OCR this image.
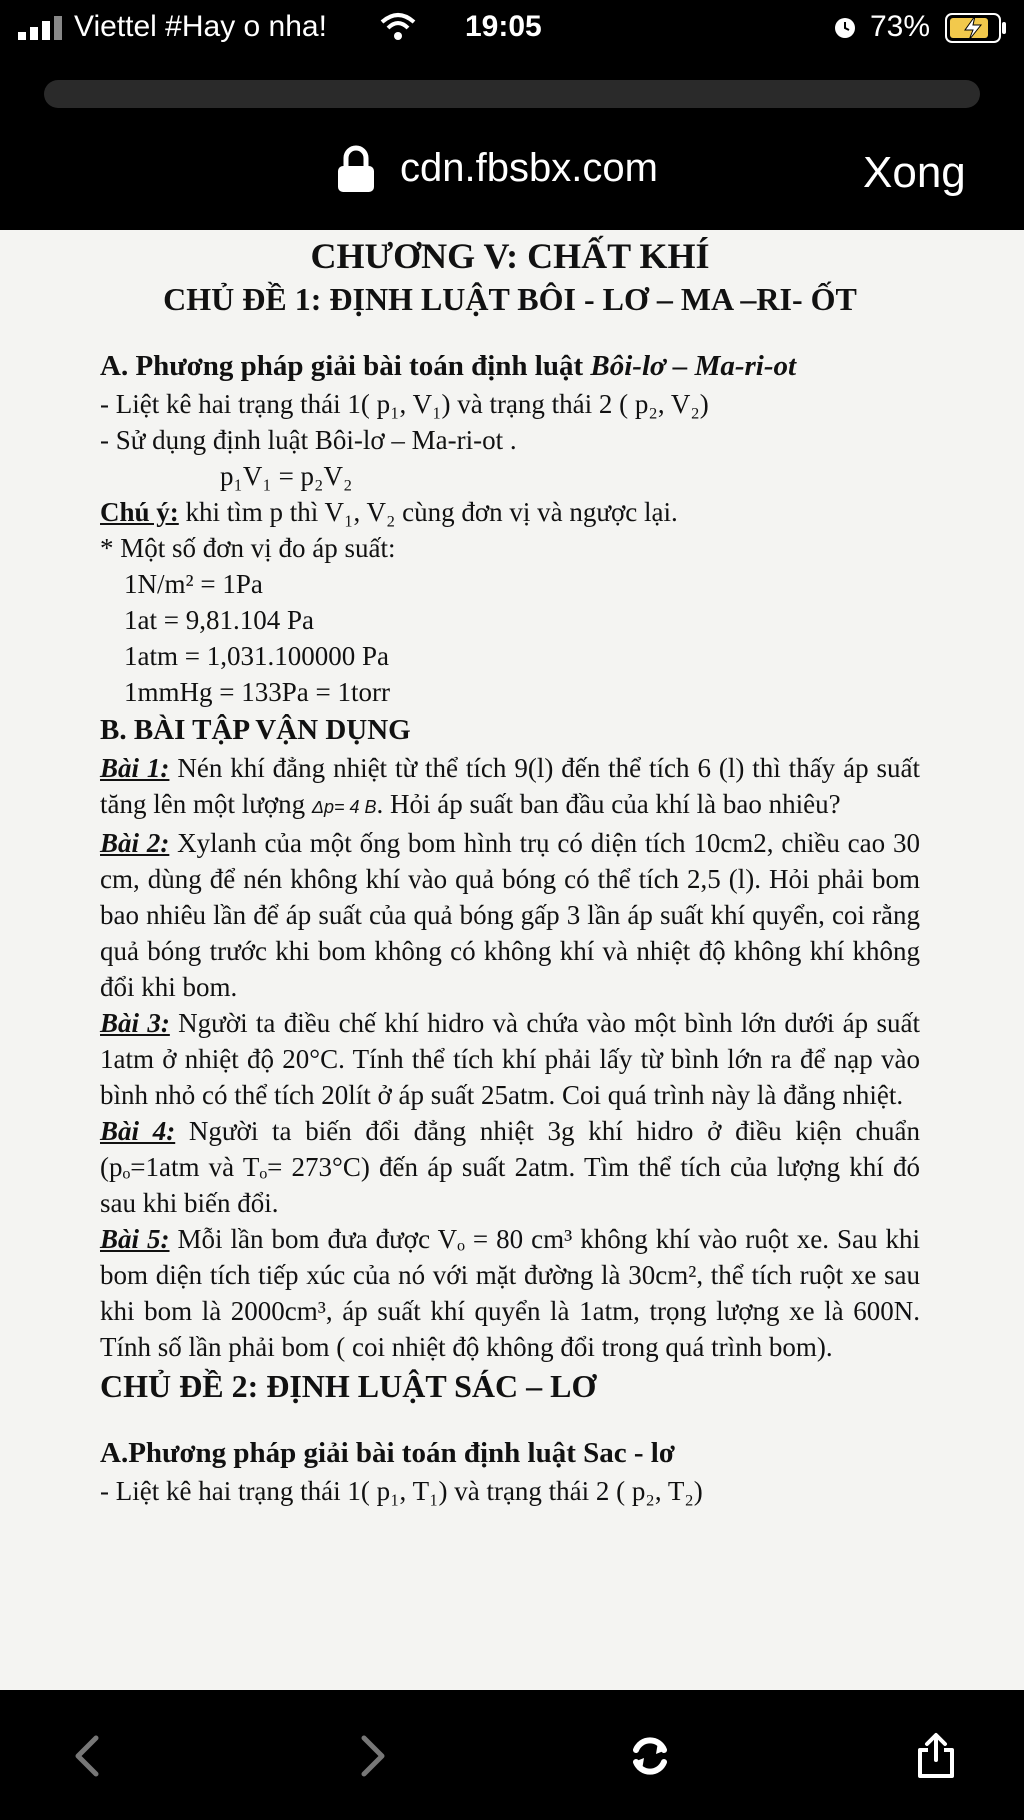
Viettel #Hay o nha!	19:05	73%
cdn.fbsbx.com	Xong
CHƯƠNG V: CHẤT KHÍ
CHỦ ĐỀ 1: ĐỊNH LUẬT BÔI - LƠ – MA –RI- ỐT
A. Phương pháp giải bài toán định luật Bôi-lơ – Ma-ri-ot
- Liệt kê hai trạng thái 1( p₁, V₁) và trạng thái 2 ( p₂, V₂)
- Sử dụng định luật Bôi-lơ – Ma-ri-ot .
p₁V₁ = p₂V₂
Chú ý: khi tìm p thì V₁, V₂ cùng đơn vị và ngược lại.
* Một số đơn vị đo áp suất:
1N/m² = 1Pa
1at = 9,81.104 Pa
1atm = 1,031.100000 Pa
1mmHg = 133Pa = 1torr
B. BÀI TẬP VẬN DỤNG

Bài 1: Nén khí đẳng nhiệt từ thể tích 9(l) đến thể tích 6 (l) thì thấy áp suất tăng lên một lượng Δp= 4 B. Hỏi áp suất ban đầu của khí là bao nhiêu?

Bài 2: Xylanh của một ống bom hình trụ có diện tích 10cm2, chiều cao 30 cm, dùng để nén không khí vào quả bóng có thể tích 2,5 (l). Hỏi phải bom bao nhiêu lần để áp suất của quả bóng gấp 3 lần áp suất khí quyển, coi rằng quả bóng trước khi bom không có không khí và nhiệt độ không khí không đổi khi bom.

Bài 3: Người ta điều chế khí hidro và chứa vào một bình lớn dưới áp suất 1atm ở nhiệt độ 20°C. Tính thể tích khí phải lấy từ bình lớn ra để nạp vào bình nhỏ có thể tích 20lít ở áp suất 25atm. Coi quá trình này là đẳng nhiệt.

Bài 4: Người ta biến đổi đẳng nhiệt 3g khí hidro ở điều kiện chuẩn (pₒ=1atm và Tₒ= 273°C) đến áp suất 2atm. Tìm thể tích của lượng khí đó sau khi biến đổi.

Bài 5: Mỗi lần bom đưa được Vₒ = 80 cm³ không khí vào ruột xe. Sau khi bom diện tích tiếp xúc của nó với mặt đường là 30cm², thể tích ruột xe sau khi bom là 2000cm³, áp suất khí quyển là 1atm, trọng lượng xe là 600N. Tính số lần phải bom ( coi nhiệt độ không đổi trong quá trình bom).

CHỦ ĐỀ 2: ĐỊNH LUẬT SÁC – LƠ
A.Phương pháp giải bài toán định luật Sac - lơ
- Liệt kê hai trạng thái 1( p₁, T₁) và trạng thái 2 ( p₂, T₂)
